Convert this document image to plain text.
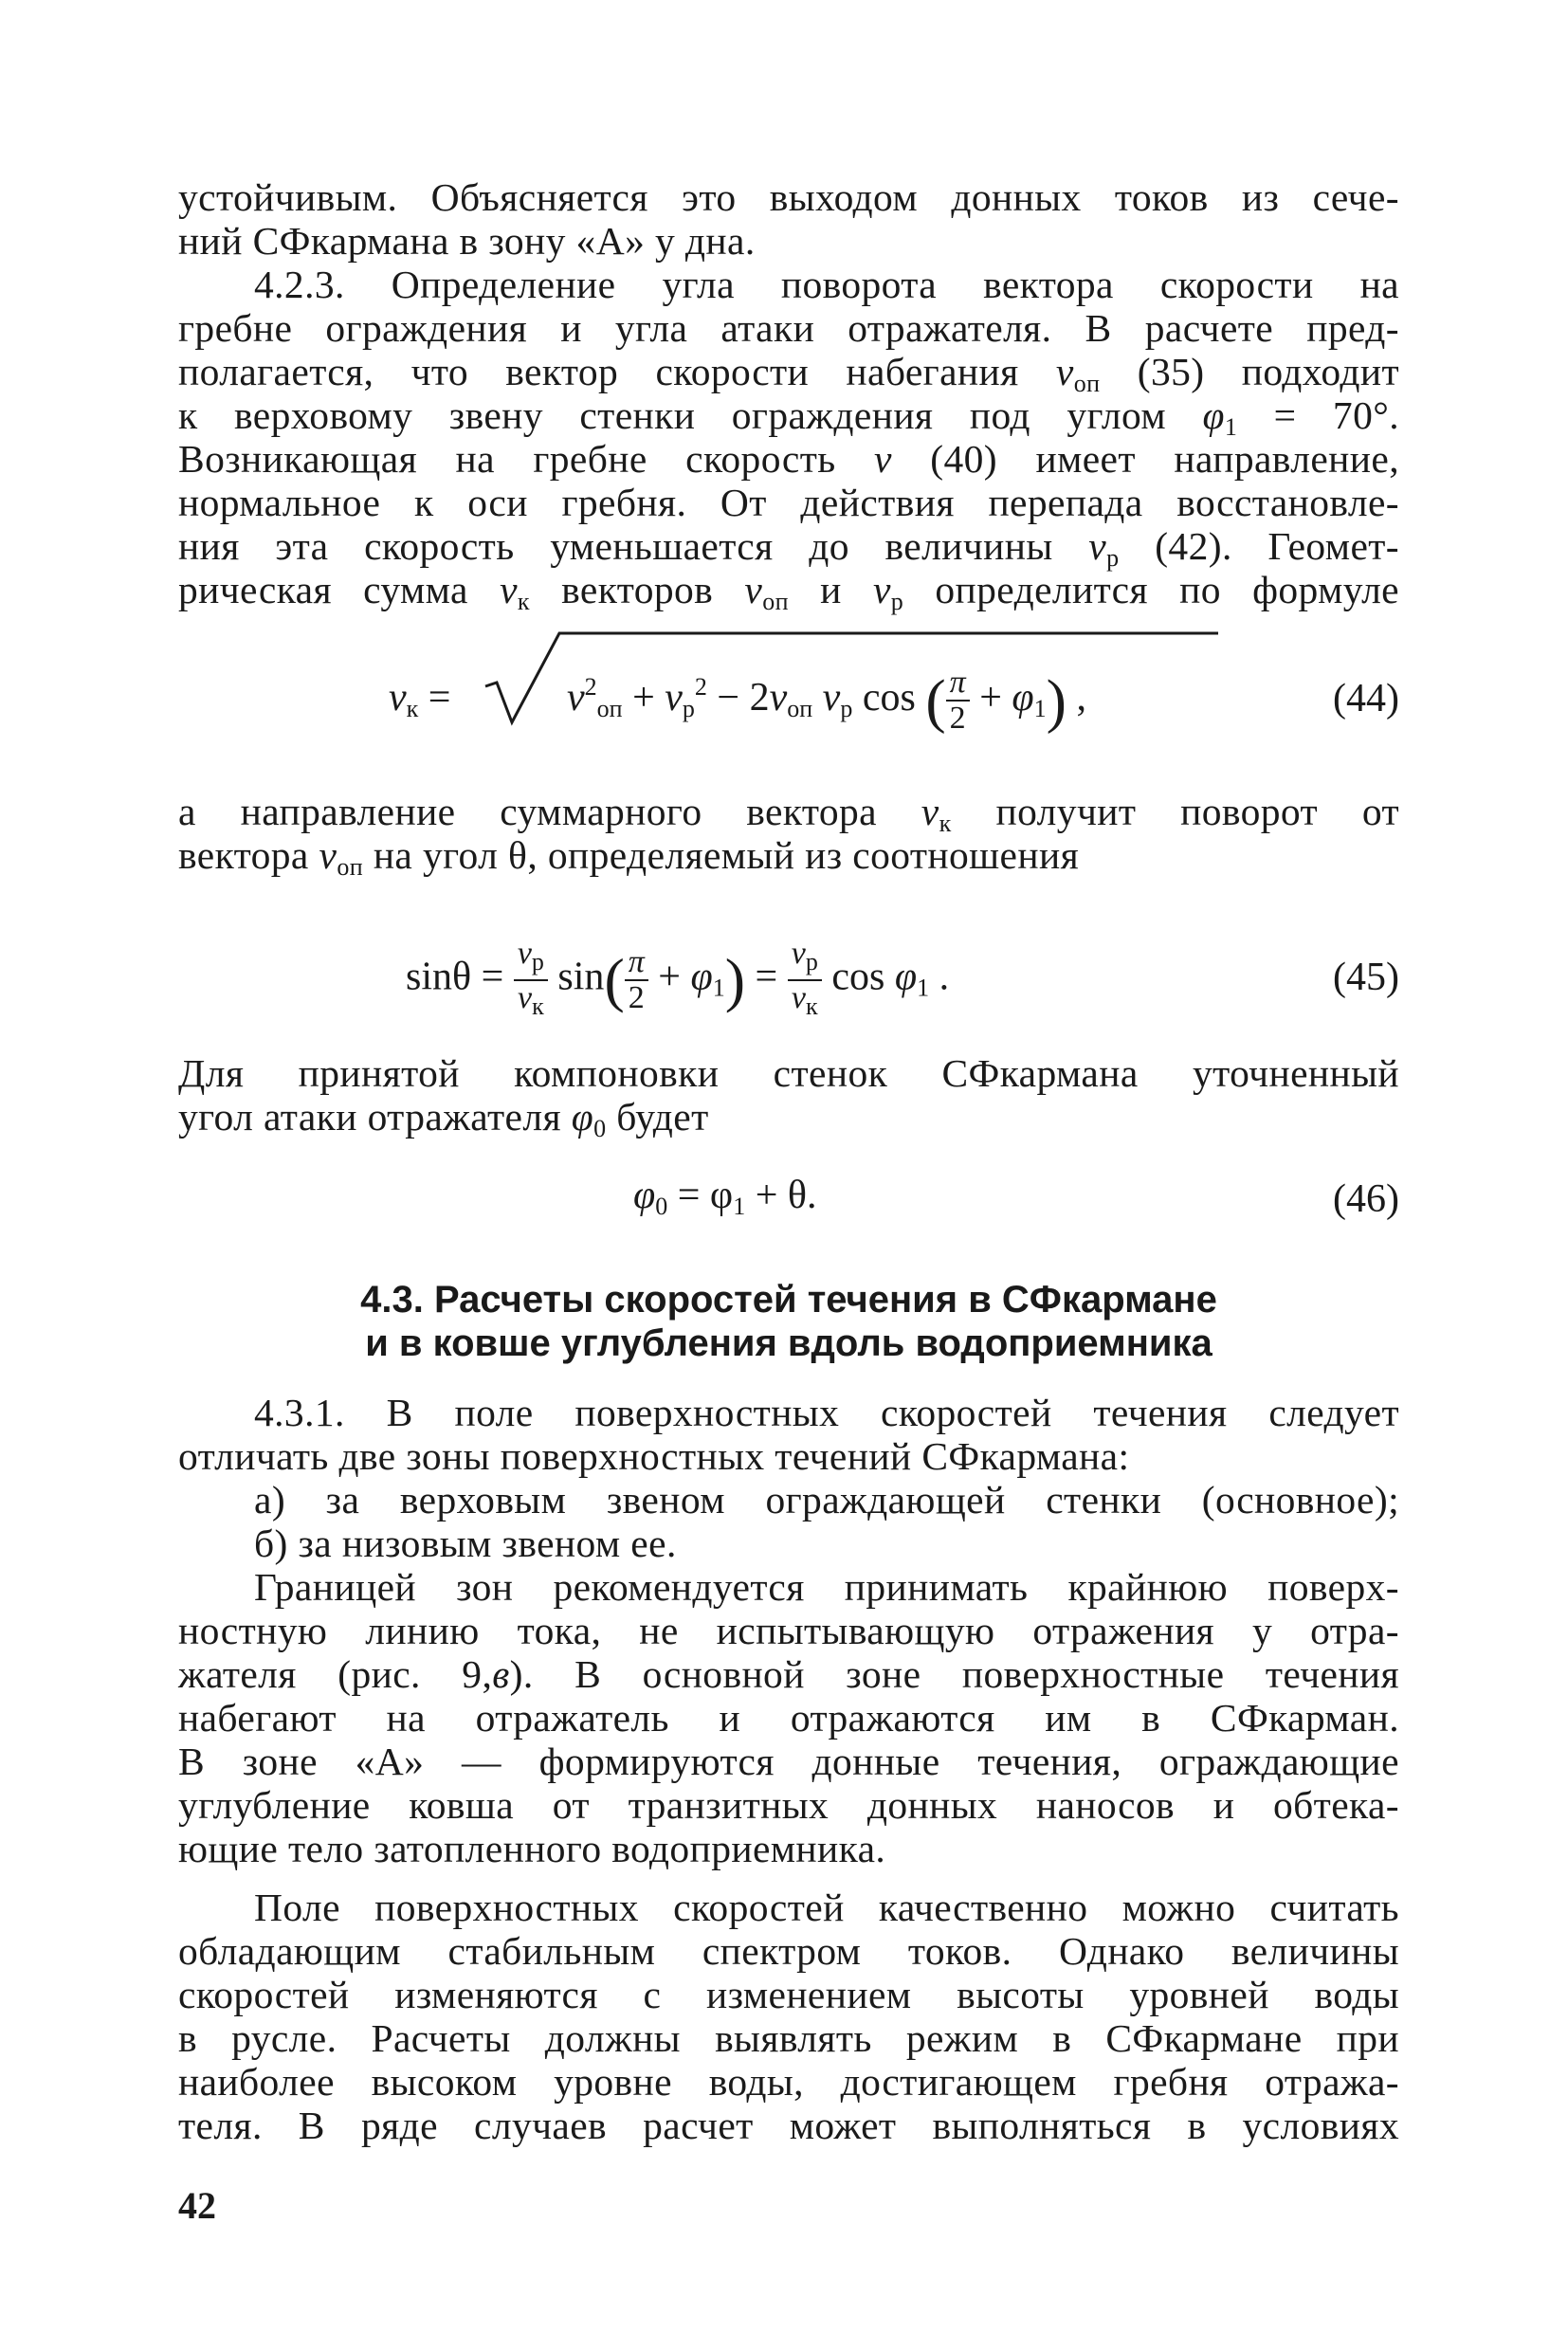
устойчивым. Объясняется это выходом донных токов из сече-
ний СФкармана в зону «А» у дна.
4.2.3. Определение угла поворота вектора скорости на
гребне ограждения и угла атаки отражателя. В расчете пред-
полагается, что вектор скорости набегания $v_{оп}$ (35) подходит
к верховому звену стенки ограждения под углом $\varphi_1 = 70^\circ$.
Возникающая на гребне скорость v (40) имеет направление,
нормальное к оси гребня. От действия перепада восстановле-
ния эта скорость уменьшается до величины $v_р$ (42). Геомет-
рическая сумма $v_к$ векторов $v_{оп}$ и $v_р$ определится по формуле
$v_к$ =	$v^2_{оп} + v_р^2 - 2v_{оп}$ $v_р$ cos ( $\frac{\pi}{2} + \varphi_1$) ,	(44)
а направление суммарного вектора $v_к$ получит поворот от
вектора $v_{оп}$ на угол θ, определяемый из соотношения
$\sin\theta = \frac{v_р}{v_к} \sin( \frac{\pi}{2} + \varphi_1) = \frac{v_р}{v_к}$ $\cos \varphi_1$ .	(45)
Для принятой компоновки стенок СФкармана уточненный
угол атаки отражателя $\varphi_0$ будет
$\varphi_0 = \varphi_1 + \theta$.	(46)
4.3. Расчеты скоростей течения в СФкармане
и в ковше углубления вдоль водоприемника
4.3.1. В поле поверхностных скоростей течения следует
отличать две зоны поверхностных течений СФкармана:
а) за верховым звеном ограждающей стенки (основное);
б) за низовым звеном ее.
Границей зон рекомендуется принимать крайнюю поверх-
ностную линию тока, не испытывающую отражения у отра-
жателя (рис. 9,в). В основной зоне поверхностные течения
набегают на отражатель и отражаются им в СФкарман.
В зоне «А» — формируются донные течения, ограждающие
углубление ковша от транзитных донных наносов и обтека-
ющие тело затопленного водоприемника.
Поле поверхностных скоростей качественно можно считать
обладающим стабильным спектром токов. Однако величины
скоростей изменяются с изменением высоты уровней воды
в русле. Расчеты должны выявлять режим в СФкармане при
наиболее высоком уровне воды, достигающем гребня отража-
теля. В ряде случаев расчет может выполняться в условиях
42
